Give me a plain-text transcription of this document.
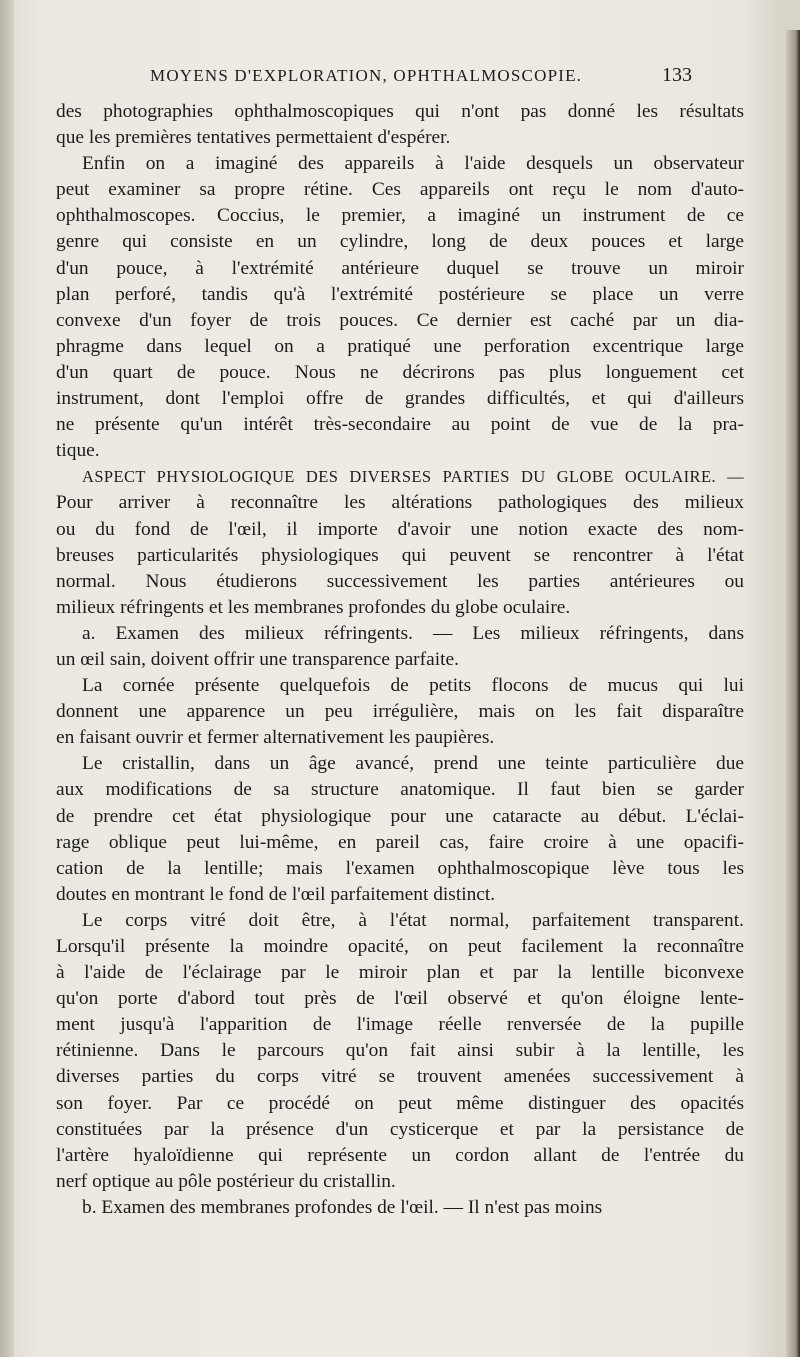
MOYENS D'EXPLORATION, OPHTHALMOSCOPIE.	133

des photographies ophthalmoscopiques qui n'ont pas donné les résultats
que les premières tentatives permettaient d'espérer.

Enfin on a imaginé des appareils à l'aide desquels un observateur
peut examiner sa propre rétine. Ces appareils ont reçu le nom d'auto-
ophthalmoscopes. Coccius, le premier, a imaginé un instrument de ce
genre qui consiste en un cylindre, long de deux pouces et large
d'un pouce, à l'extrémité antérieure duquel se trouve un miroir
plan perforé, tandis qu'à l'extrémité postérieure se place un verre
convexe d'un foyer de trois pouces. Ce dernier est caché par un dia-
phragme dans lequel on a pratiqué une perforation excentrique large
d'un quart de pouce. Nous ne décrirons pas plus longuement cet
instrument, dont l'emploi offre de grandes difficultés, et qui d'ailleurs
ne présente qu'un intérêt très-secondaire au point de vue de la pra-
tique.

ASPECT PHYSIOLOGIQUE DES DIVERSES PARTIES DU GLOBE OCULAIRE. —
Pour arriver à reconnaître les altérations pathologiques des milieux
ou du fond de l'œil, il importe d'avoir une notion exacte des nom-
breuses particularités physiologiques qui peuvent se rencontrer à l'état
normal. Nous étudierons successivement les parties antérieures ou
milieux réfringents et les membranes profondes du globe oculaire.

a. Examen des milieux réfringents. — Les milieux réfringents, dans
un œil sain, doivent offrir une transparence parfaite.

La cornée présente quelquefois de petits flocons de mucus qui lui
donnent une apparence un peu irrégulière, mais on les fait disparaître
en faisant ouvrir et fermer alternativement les paupières.

Le cristallin, dans un âge avancé, prend une teinte particulière due
aux modifications de sa structure anatomique. Il faut bien se garder
de prendre cet état physiologique pour une cataracte au début. L'éclai-
rage oblique peut lui-même, en pareil cas, faire croire à une opacifi-
cation de la lentille; mais l'examen ophthalmoscopique lève tous les
doutes en montrant le fond de l'œil parfaitement distinct.

Le corps vitré doit être, à l'état normal, parfaitement transparent.
Lorsqu'il présente la moindre opacité, on peut facilement la reconnaître
à l'aide de l'éclairage par le miroir plan et par la lentille biconvexe
qu'on porte d'abord tout près de l'œil observé et qu'on éloigne lente-
ment jusqu'à l'apparition de l'image réelle renversée de la pupille
rétinienne. Dans le parcours qu'on fait ainsi subir à la lentille, les
diverses parties du corps vitré se trouvent amenées successivement à
son foyer. Par ce procédé on peut même distinguer des opacités
constituées par la présence d'un cysticerque et par la persistance de
l'artère hyaloïdienne qui représente un cordon allant de l'entrée du
nerf optique au pôle postérieur du cristallin.

b. Examen des membranes profondes de l'œil. — Il n'est pas moins
